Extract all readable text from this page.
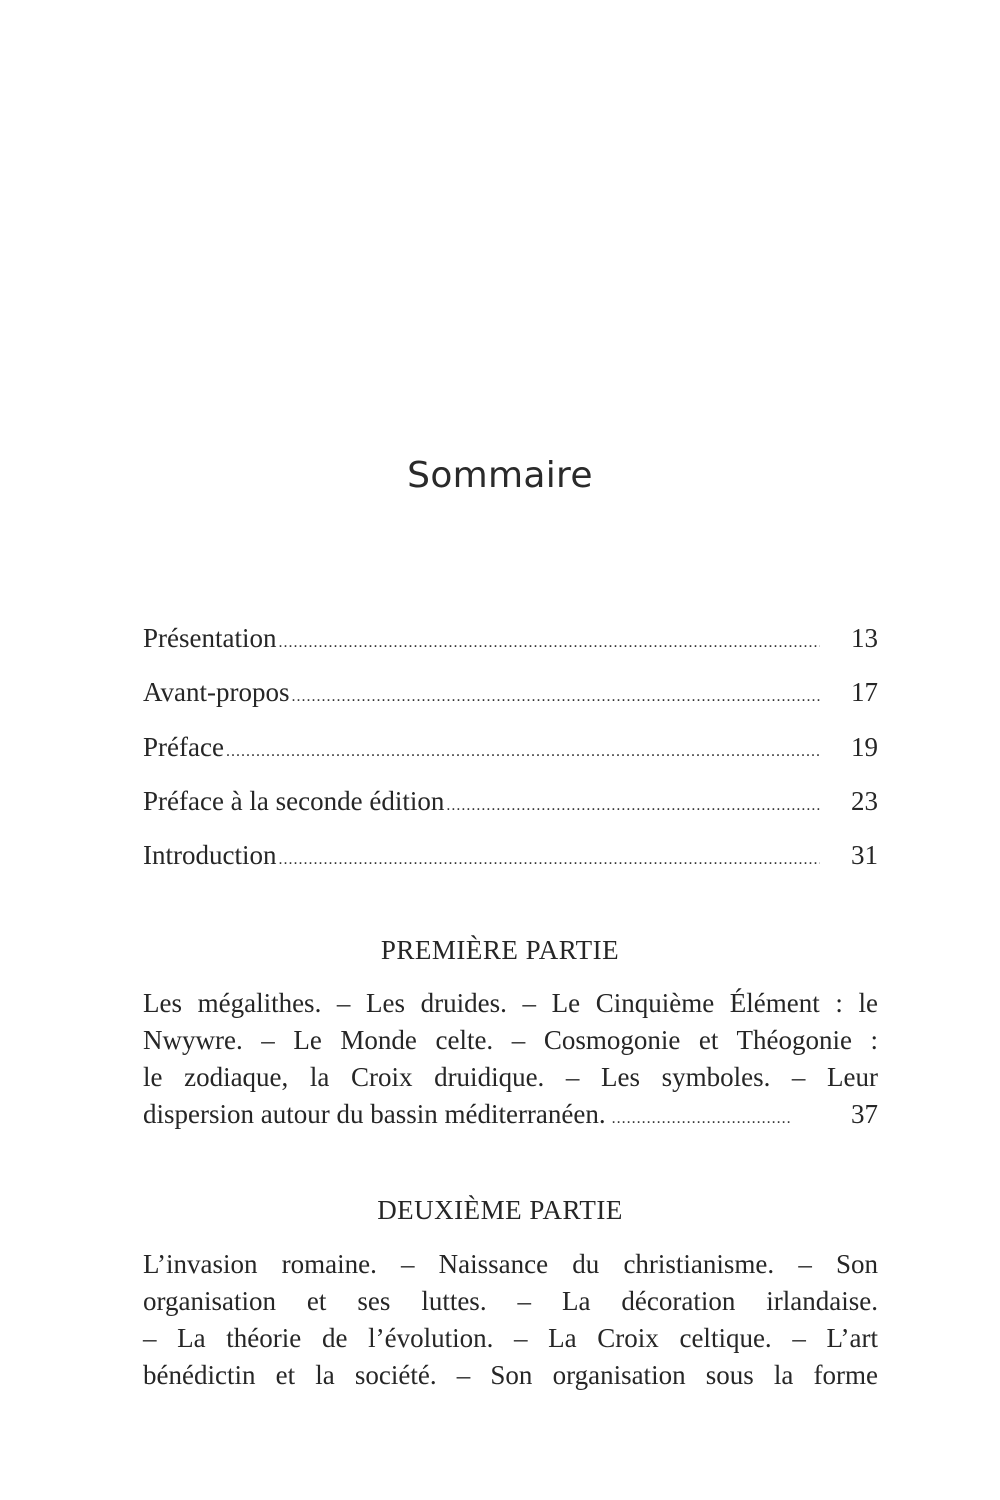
Sommaire
Présentation .....	13
Avant-propos .....	17
Préface .....	19
Préface à la seconde édition .....	23
Introduction .....	31
PREMIÈRE PARTIE
Les mégalithes. – Les druides. – Le Cinquième Élément : le
Nwywre. – Le Monde celte. – Cosmogonie et Théogonie :
le zodiaque, la Croix druidique. – Les symboles. – Leur
dispersion autour du bassin méditerranéen. .....	37
DEUXIÈME PARTIE
L’invasion romaine. – Naissance du christianisme. – Son
organisation et ses luttes. – La décoration irlandaise.
– La théorie de l’évolution. – La Croix celtique. – L’art
bénédictin et la société. – Son organisation sous la forme
